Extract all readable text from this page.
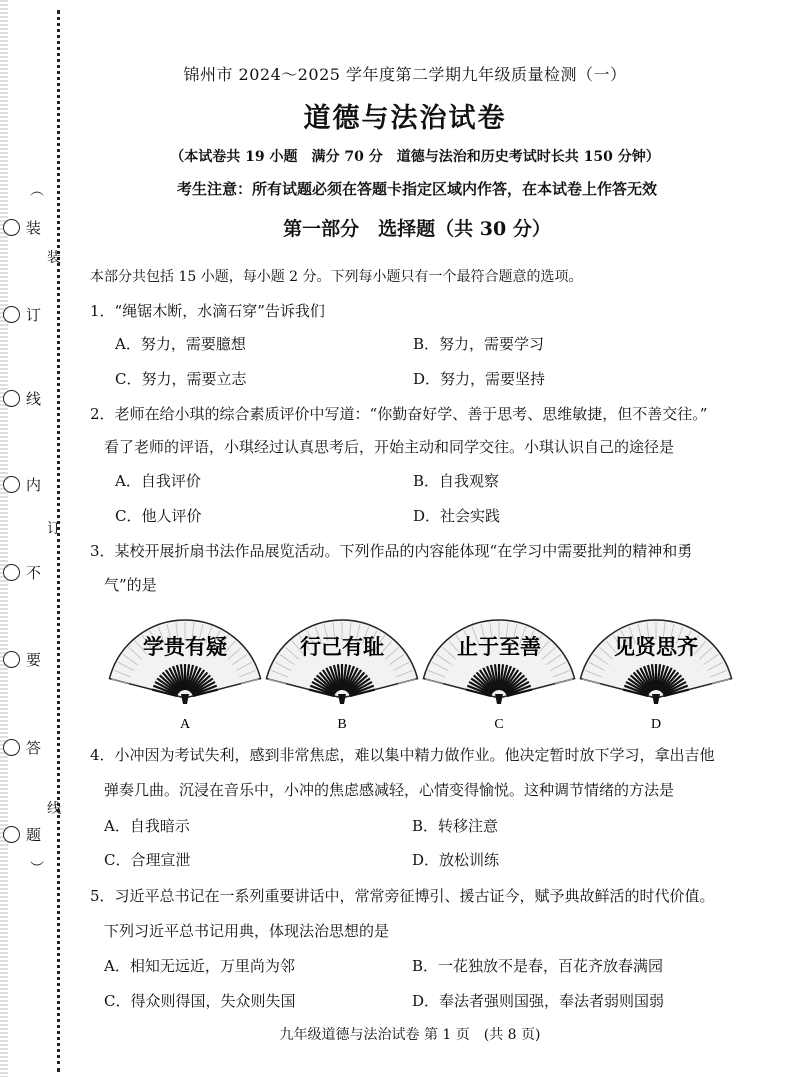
︵
装
订
线
内
不
要
答
题
︶
装
订
线
锦州市 2024～2025 学年度第二学期九年级质量检测（一）
道德与法治试卷
（本试卷共 19 小题　满分 70 分　道德与法治和历史考试时长共 150 分钟）
考生注意：所有试题必须在答题卡指定区域内作答，在本试卷上作答无效
第一部分　选择题（共 30 分）
本部分共包括 15 小题，每小题 2 分。下列每小题只有一个最符合题意的选项。
1．“绳锯木断，水滴石穿”告诉我们
A．努力，需要臆想	B．努力，需要学习
C．努力，需要立志	D．努力，需要坚持
2．老师在给小琪的综合素质评价中写道：“你勤奋好学、善于思考、思维敏捷，但不善交往。”
看了老师的评语，小琪经过认真思考后，开始主动和同学交往。小琪认识自己的途径是
A．自我评价	B．自我观察
C．他人评价	D．社会实践
3．某校开展折扇书法作品展览活动。下列作品的内容能体现“在学习中需要批判的精神和勇
气”的是
学贵有疑
A
行己有耻
B
止于至善
C
见贤思齐
D
4．小冲因为考试失利，感到非常焦虑，难以集中精力做作业。他决定暂时放下学习，拿出吉他
弹奏几曲。沉浸在音乐中，小冲的焦虑感减轻，心情变得愉悦。这种调节情绪的方法是
A．自我暗示	B．转移注意
C．合理宣泄	D．放松训练
5．习近平总书记在一系列重要讲话中，常常旁征博引、援古证今，赋予典故鲜活的时代价值。
下列习近平总书记用典，体现法治思想的是
A．相知无远近，万里尚为邻	B．一花独放不是春，百花齐放春满园
C．得众则得国，失众则失国	D．奉法者强则国强，奉法者弱则国弱
九年级道德与法治试卷 第 1 页　(共 8 页)
